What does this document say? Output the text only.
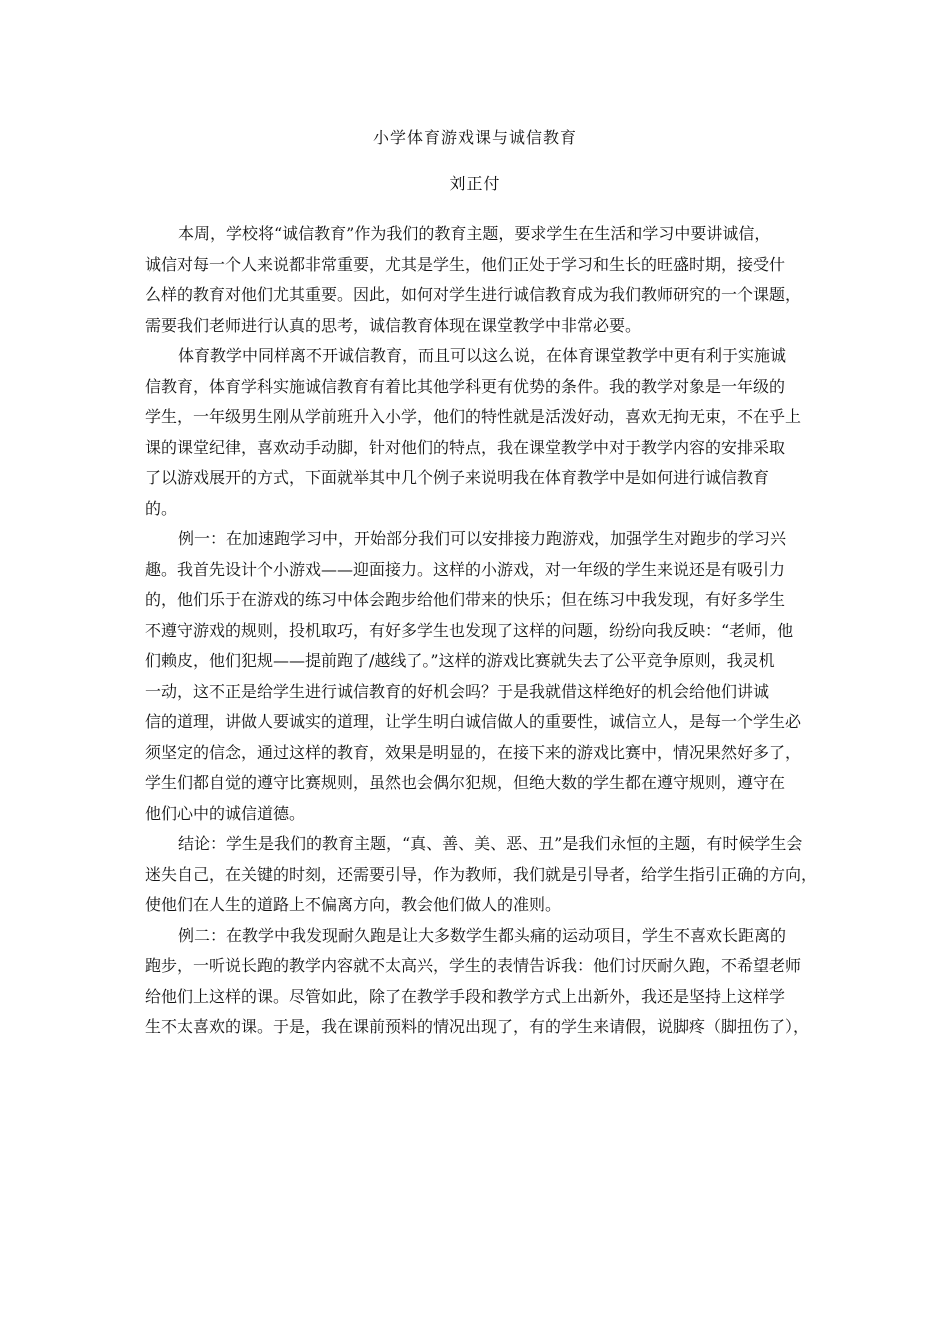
小学体育游戏课与诚信教育
刘正付
本周，学校将“诚信教育”作为我们的教育主题，要求学生在生活和学习中要讲诚信，
诚信对每一个人来说都非常重要，尤其是学生，他们正处于学习和生长的旺盛时期，接受什
么样的教育对他们尤其重要。因此，如何对学生进行诚信教育成为我们教师研究的一个课题，
需要我们老师进行认真的思考，诚信教育体现在课堂教学中非常必要。
体育教学中同样离不开诚信教育，而且可以这么说，在体育课堂教学中更有利于实施诚
信教育，体育学科实施诚信教育有着比其他学科更有优势的条件。我的教学对象是一年级的
学生，一年级男生刚从学前班升入小学，他们的特性就是活泼好动，喜欢无拘无束，不在乎上
课的课堂纪律，喜欢动手动脚，针对他们的特点，我在课堂教学中对于教学内容的安排采取
了以游戏展开的方式，下面就举其中几个例子来说明我在体育教学中是如何进行诚信教育
的。
例一：在加速跑学习中，开始部分我们可以安排接力跑游戏，加强学生对跑步的学习兴
趣。我首先设计个小游戏——迎面接力。这样的小游戏，对一年级的学生来说还是有吸引力
的，他们乐于在游戏的练习中体会跑步给他们带来的快乐；但在练习中我发现，有好多学生
不遵守游戏的规则，投机取巧，有好多学生也发现了这样的问题，纷纷向我反映：“老师，他
们赖皮，他们犯规——提前跑了/越线了。”这样的游戏比赛就失去了公平竞争原则，我灵机
一动，这不正是给学生进行诚信教育的好机会吗？于是我就借这样绝好的机会给他们讲诚
信的道理，讲做人要诚实的道理，让学生明白诚信做人的重要性，诚信立人，是每一个学生必
须坚定的信念，通过这样的教育，效果是明显的，在接下来的游戏比赛中，情况果然好多了，
学生们都自觉的遵守比赛规则，虽然也会偶尔犯规，但绝大数的学生都在遵守规则，遵守在
他们心中的诚信道德。
结论：学生是我们的教育主题，“真、善、美、恶、丑”是我们永恒的主题，有时候学生会
迷失自己，在关键的时刻，还需要引导，作为教师，我们就是引导者，给学生指引正确的方向，
使他们在人生的道路上不偏离方向，教会他们做人的准则。
例二：在教学中我发现耐久跑是让大多数学生都头痛的运动项目，学生不喜欢长距离的
跑步，一听说长跑的教学内容就不太高兴，学生的表情告诉我：他们讨厌耐久跑，不希望老师
给他们上这样的课。尽管如此，除了在教学手段和教学方式上出新外，我还是坚持上这样学
生不太喜欢的课。于是，我在课前预料的情况出现了，有的学生来请假，说脚疼（脚扭伤了），
